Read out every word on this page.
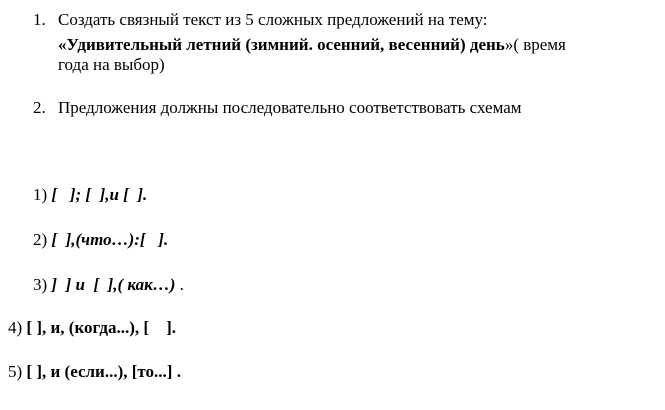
1. Создать связный текст из 5 сложных предложений на тему:
«Удивительный летний (зимний. осенний, весенний) день»( время
года на выбор)
2. Предложения должны последовательно соответствовать схемам
1) [   ]; [  ],и [  ].
2) [  ],(что…):[   ].
3) ]  ] и  [  ],( как…) .
4) [ ], и, (когда...), [    ].
5) [ ], и (если...), [то...] .
